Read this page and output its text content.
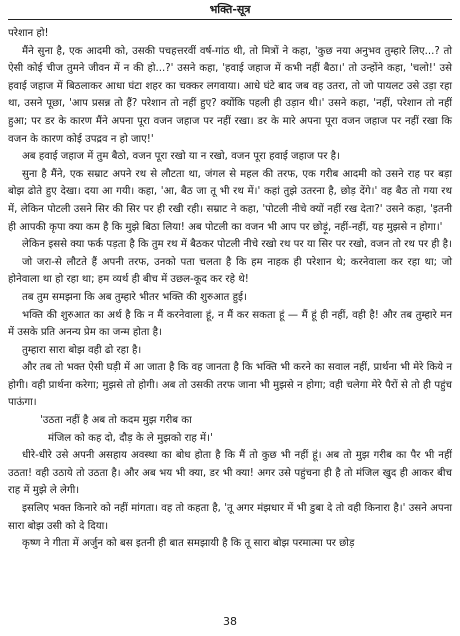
भक्ति-सूत्र

परेशान हो!

मैंने सुना है, एक आदमी को, उसकी पचहत्तरवीं वर्ष-गांठ थी, तो मित्रों ने कहा, 'कुछ नया अनुभव तुम्हारे लिए...? तो ऐसी कोई चीज तुमने जीवन में न की हो...?' उसने कहा, 'हवाई जहाज में कभी नहीं बैठा।' तो उन्होंने कहा, 'चलो!' उसे हवाई जहाज में बिठलाकर आधा घंटा शहर का चक्कर लगवाया। आधे घंटे बाद जब वह उतरा, तो जो पायलट उसे उड़ा रहा था, उसने पूछा, 'आप प्रसन्न तो हैं? परेशान तो नहीं हुए? क्योंकि पहली ही उड़ान थी।' उसने कहा, 'नहीं, परेशान तो नहीं हुआ; पर डर के कारण मैंने अपना पूरा वजन जहाज पर नहीं रखा। डर के मारे अपना पूरा वजन जहाज पर नहीं रखा कि वजन के कारण कोई उपद्रव न हो जाए!'

अब हवाई जहाज में तुम बैठो, वजन पूरा रखो या न रखो, वजन पूरा हवाई जहाज पर है।

सुना है मैंने, एक सम्राट अपने रथ से लौटता था, जंगल से महल की तरफ, एक गरीब आदमी को उसने राह पर बड़ा बोझ ढोते हुए देखा। दया आ गयी। कहा, 'आ, बैठ जा तू भी रथ में।' कहां तुझे उतरना है, छोड़ देंगे।' वह बैठ तो गया रथ में, लेकिन पोटली उसने सिर की सिर पर ही रखी रही। सम्राट ने कहा, 'पोटली नीचे क्यों नहीं रख देता?' उसने कहा, 'इतनी ही आपकी कृपा क्या कम है कि मुझे बिठा लिया! अब पोटली का वजन भी आप पर छोड़ूं, नहीं-नहीं, यह मुझसे न होगा।'

लेकिन इससे क्या फर्क पड़ता है कि तुम रथ में बैठकर पोटली नीचे रखो रथ पर या सिर पर रखो, वजन तो रथ पर ही है।

जो जरा-से लौटते हैं अपनी तरफ, उनको पता चलता है कि हम नाहक ही परेशान थे; करनेवाला कर रहा था; जो होनेवाला था हो रहा था; हम व्यर्थ ही बीच में उछल-कूद कर रहे थे!

तब तुम समझना कि अब तुम्हारे भीतर भक्ति की शुरुआत हुई।

भक्ति की शुरुआत का अर्थ है कि न मैं करनेवाला हूं, न मैं कर सकता हूं — मैं हूं ही नहीं, वही है! और तब तुम्हारे मन में उसके प्रति अनन्य प्रेम का जन्म होता है।

तुम्हारा सारा बोझ वही ढो रहा है।

और तब तो भक्त ऐसी घड़ी में आ जाता है कि वह जानता है कि भक्ति भी करने का सवाल नहीं, प्रार्थना भी मेरे किये न होगी। वही प्रार्थना करेगा; मुझसे तो होगी। अब तो उसकी तरफ जाना भी मुझसे न होगा; वही चलेगा मेरे पैरों से तो ही पहुंच पाऊंगा।

'उठता नहीं है अब तो कदम मुझ गरीब का

मंजिल को कह दो, दौड़ के ले मुझको राह में।'

धीरे-धीरे उसे अपनी असहाय अवस्था का बोध होता है कि मैं तो कुछ भी नहीं हूं। अब तो मुझ गरीब का पैर भी नहीं उठता! वही उठाये तो उठता है। और अब भय भी क्या, डर भी क्या! अगर उसे पहुंचना ही है तो मंजिल खुद ही आकर बीच राह में मुझे ले लेगी।

इसलिए भक्त किनारे को नहीं मांगता। वह तो कहता है, 'तू अगर मंझधार में भी डुबा दे तो वही किनारा है।' उसने अपना सारा बोझ उसी को दे दिया।

कृष्ण ने गीता में अर्जुन को बस इतनी ही बात समझायी है कि तू सारा बोझ परमात्मा पर छोड़

38
